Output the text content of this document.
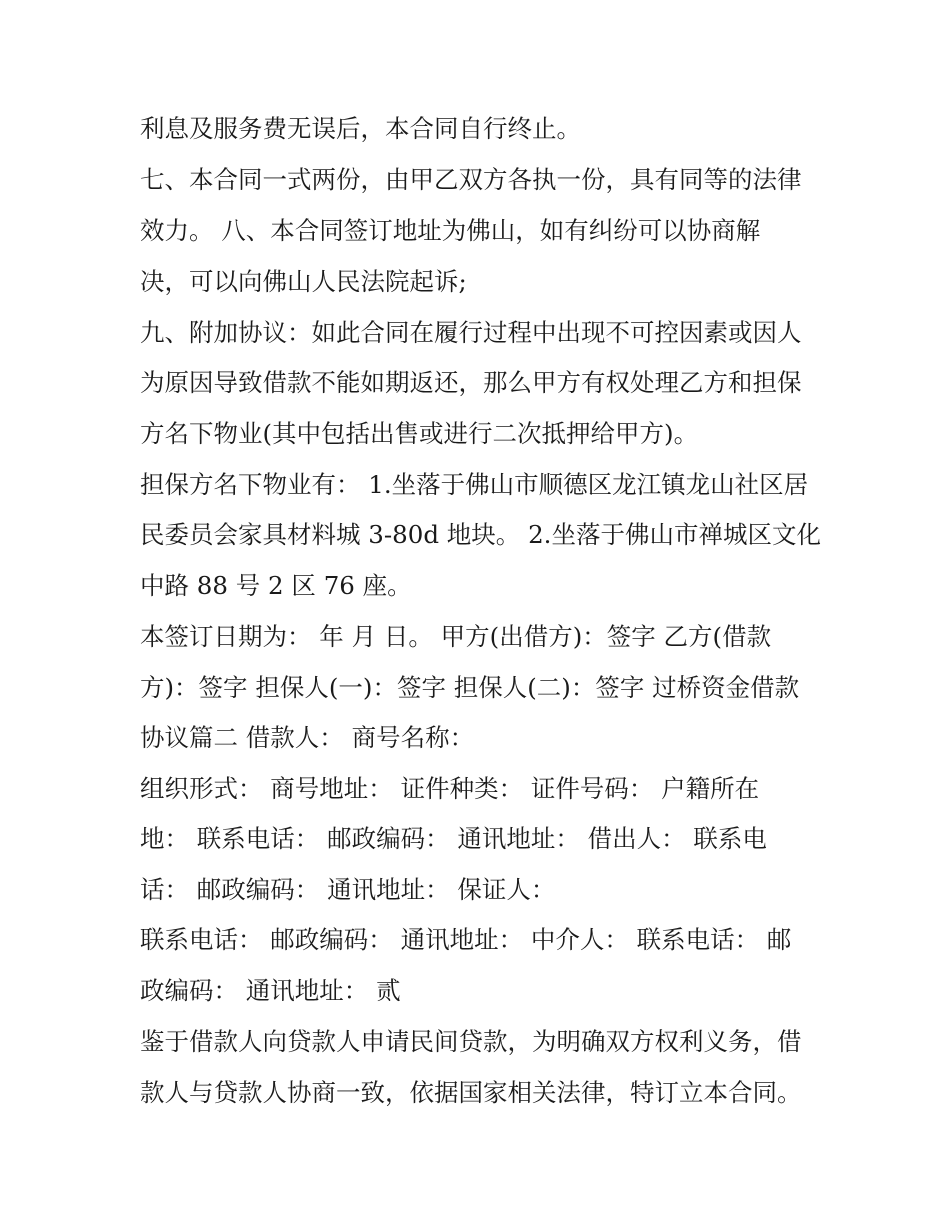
利息及服务费无误后，本合同自行终止。
七、本合同一式两份，由甲乙双方各执一份，具有同等的法律
效力。 八、本合同签订地址为佛山，如有纠纷可以协商解
决，可以向佛山人民法院起诉;
九、附加协议：如此合同在履行过程中出现不可控因素或因人
为原因导致借款不能如期返还，那么甲方有权处理乙方和担保
方名下物业(其中包括出售或进行二次抵押给甲方)。
担保方名下物业有： 1.坐落于佛山市顺德区龙江镇龙山社区居
民委员会家具材料城 3-80d 地块。 2.坐落于佛山市禅城区文化
中路 88 号 2 区 76 座。
本签订日期为： 年 月 日。 甲方(出借方)：签字 乙方(借款
方)：签字 担保人(一)：签字 担保人(二)：签字 过桥资金借款
协议篇二 借款人： 商号名称：
组织形式： 商号地址： 证件种类： 证件号码： 户籍所在
地： 联系电话： 邮政编码： 通讯地址： 借出人： 联系电
话： 邮政编码： 通讯地址： 保证人：
联系电话： 邮政编码： 通讯地址： 中介人： 联系电话： 邮
政编码： 通讯地址： 贰
鉴于借款人向贷款人申请民间贷款，为明确双方权利义务，借
款人与贷款人协商一致，依据国家相关法律，特订立本合同。
